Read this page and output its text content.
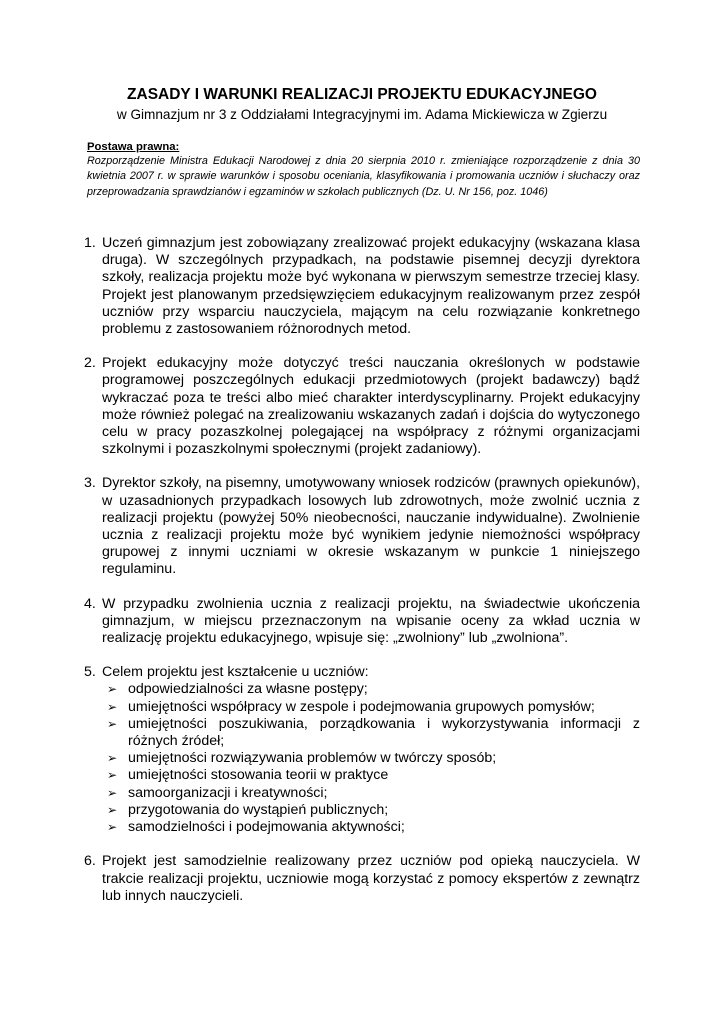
ZASADY I WARUNKI REALIZACJI PROJEKTU EDUKACYJNEGO
w Gimnazjum nr 3 z Oddziałami Integracyjnymi im. Adama Mickiewicza w Zgierzu
Postawa prawna:
Rozporządzenie Ministra Edukacji Narodowej z dnia 20 sierpnia 2010 r. zmieniające rozporządzenie z dnia 30 kwietnia 2007 r. w sprawie warunków i sposobu oceniania, klasyfikowania i promowania uczniów i słuchaczy oraz przeprowadzania sprawdzianów i egzaminów w szkołach publicznych (Dz. U. Nr 156, poz. 1046)
1. Uczeń gimnazjum jest zobowiązany zrealizować projekt edukacyjny (wskazana klasa druga). W szczególnych przypadkach, na podstawie pisemnej decyzji dyrektora szkoły, realizacja projektu może być wykonana w pierwszym semestrze trzeciej klasy. Projekt jest planowanym przedsięwzięciem edukacyjnym realizowanym przez zespół uczniów przy wsparciu nauczyciela, mającym na celu rozwiązanie konkretnego problemu z zastosowaniem różnorodnych metod.
2. Projekt edukacyjny może dotyczyć treści nauczania określonych w podstawie programowej poszczególnych edukacji przedmiotowych (projekt badawczy) bądź wykraczać poza te treści albo mieć charakter interdyscyplinarny. Projekt edukacyjny może również polegać na zrealizowaniu wskazanych zadań i dojścia do wytyczonego celu w pracy pozaszkolnej polegającej na współpracy z różnymi organizacjami szkolnymi i pozaszkolnymi społecznymi (projekt zadaniowy).
3. Dyrektor szkoły, na pisemny, umotywowany wniosek rodziców (prawnych opiekunów), w uzasadnionych przypadkach losowych lub zdrowotnych, może zwolnić ucznia z realizacji projektu (powyżej 50% nieobecności, nauczanie indywidualne). Zwolnienie ucznia z realizacji projektu może być wynikiem jedynie niemożności współpracy grupowej z innymi uczniami w okresie wskazanym w punkcie 1 niniejszego regulaminu.
4. W przypadku zwolnienia ucznia z realizacji projektu, na świadectwie ukończenia gimnazjum, w miejscu przeznaczonym na wpisanie oceny za wkład ucznia w realizację projektu edukacyjnego, wpisuje się: „zwolniony” lub „zwolniona”.
5. Celem projektu jest kształcenie u uczniów:
➢ odpowiedzialności za własne postępy;
➢ umiejętności współpracy w zespole i podejmowania grupowych pomysłów;
➢ umiejętności poszukiwania, porządkowania i wykorzystywania informacji z różnych źródeł;
➢ umiejętności rozwiązywania problemów w twórczy sposób;
➢ umiejętności stosowania teorii w praktyce
➢ samoorganizacji i kreatywności;
➢ przygotowania do wystąpień publicznych;
➢ samodzielności i podejmowania aktywności;
6. Projekt jest samodzielnie realizowany przez uczniów pod opieką nauczyciela. W trakcie realizacji projektu, uczniowie mogą korzystać z pomocy ekspertów z zewnątrz lub innych nauczycieli.
